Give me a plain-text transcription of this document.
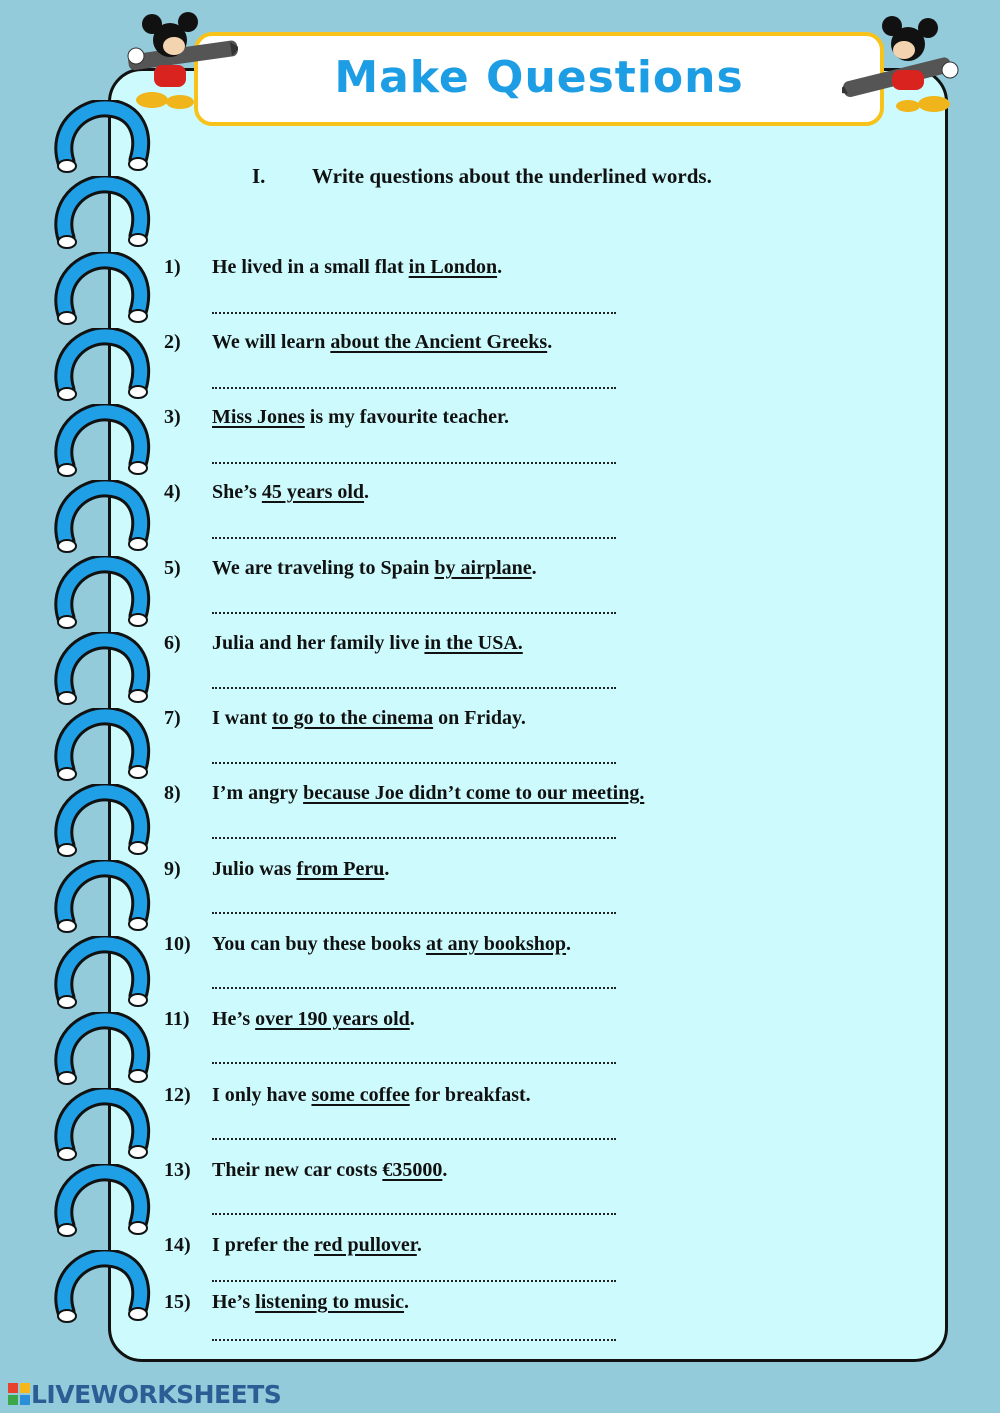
Make Questions
I. Write questions about the underlined words.
1) He lived in a small flat in London.
2) We will learn about the Ancient Greeks.
3) Miss Jones is my favourite teacher.
4) She’s 45 years old.
5) We are traveling to Spain by airplane.
6) Julia and her family live in the USA.
7) I want to go to the cinema on Friday.
8) I’m angry because Joe didn’t come to our meeting.
9) Julio was from Peru.
10) You can buy these books at any bookshop.
11) He’s over 190 years old.
12) I only have some coffee for breakfast.
13) Their new car costs €35000.
14) I prefer the red pullover.
15) He’s listening to music.
LIVEWORKSHEETS
